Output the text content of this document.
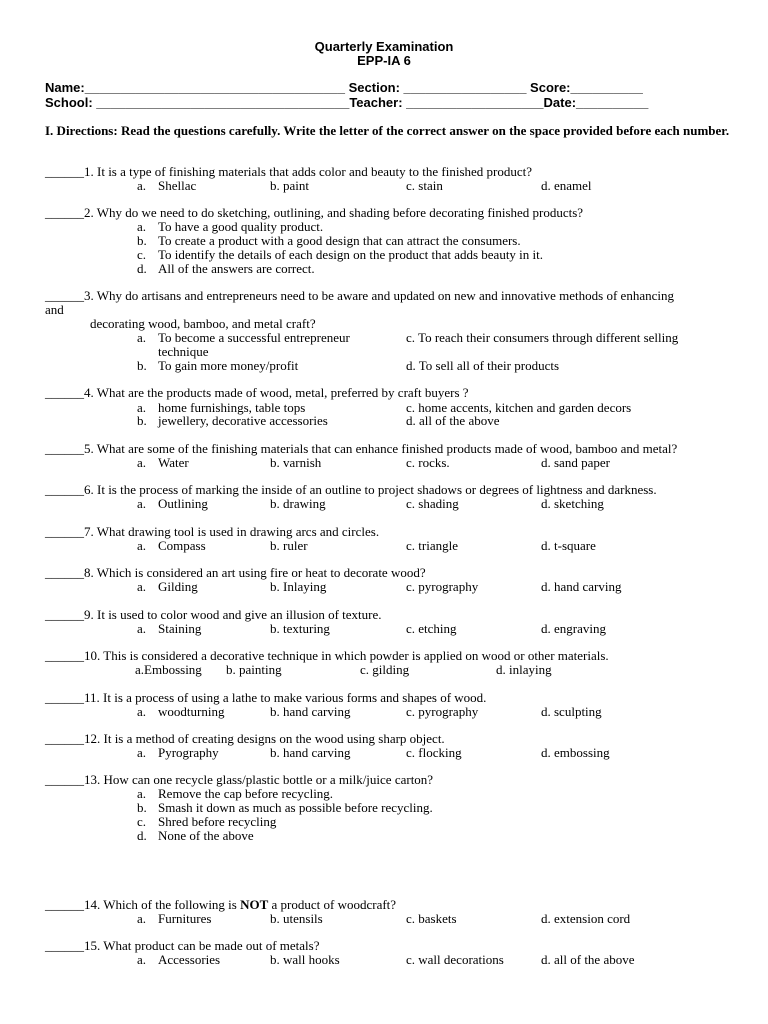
Quarterly Examination
EPP-IA 6
Name:____________________________________ Section: _________________ Score:__________
School: ___________________________________Teacher: ___________________Date:__________
I. Directions: Read the questions carefully. Write the letter of the correct answer on the space provided before each number.
______1. It is a type of finishing materials that adds color and beauty to the finished product?
a. Shellac	b. paint	c. stain	d. enamel
______2. Why do we need to do sketching, outlining, and shading before decorating finished products?
a. To have a good quality product.
b. To create a product with a good design that can attract the consumers.
c. To identify the details of each design on the product that adds beauty in it.
d. All of the answers are correct.
______3. Why do artisans and entrepreneurs need to be aware and updated on new and innovative methods of enhancing
and
decorating wood, bamboo, and metal craft?
a. To become a successful entrepreneur	c. To reach their consumers through different selling
technique
b. To gain more money/profit	d. To sell all of their products
______4. What are the products made of wood, metal, preferred by craft buyers ?
a. home furnishings, table tops	c. home accents, kitchen and garden decors
b. jewellery, decorative accessories	d. all of the above
______5. What are some of the finishing materials that can enhance finished products made of wood, bamboo and metal?
a. Water	b. varnish	c. rocks.	d. sand paper
______6. It is the process of marking the inside of an outline to project shadows or degrees of lightness and darkness.
a. Outlining	b. drawing	c. shading	d. sketching
______7. What drawing tool is used in drawing arcs and circles.
a. Compass	b. ruler	c. triangle	d. t-square
______8. Which is considered an art using fire or heat to decorate wood?
a. Gilding	b. Inlaying	c. pyrography	d. hand carving
______9. It is used to color wood and give an illusion of texture.
a. Staining	b. texturing	c. etching	d. engraving
______10. This is considered a decorative technique in which powder is applied on wood or other materials.
a.Embossing b. painting	c. gilding	d. inlaying
______11. It is a process of using a lathe to make various forms and shapes of wood.
a. woodturning	b. hand carving	c. pyrography	d. sculpting
______12. It is a method of creating designs on the wood using sharp object.
a. Pyrography	b. hand carving	c. flocking	d. embossing
______13. How can one recycle glass/plastic bottle or a milk/juice carton?
a. Remove the cap before recycling.
b. Smash it down as much as possible before recycling.
c. Shred before recycling
d. None of the above
______14. Which of the following is NOT a product of woodcraft?
a. Furnitures	b. utensils	c. baskets	d. extension cord
______15. What product can be made out of metals?
a. Accessories	b. wall hooks	c. wall decorations	d. all of the above
